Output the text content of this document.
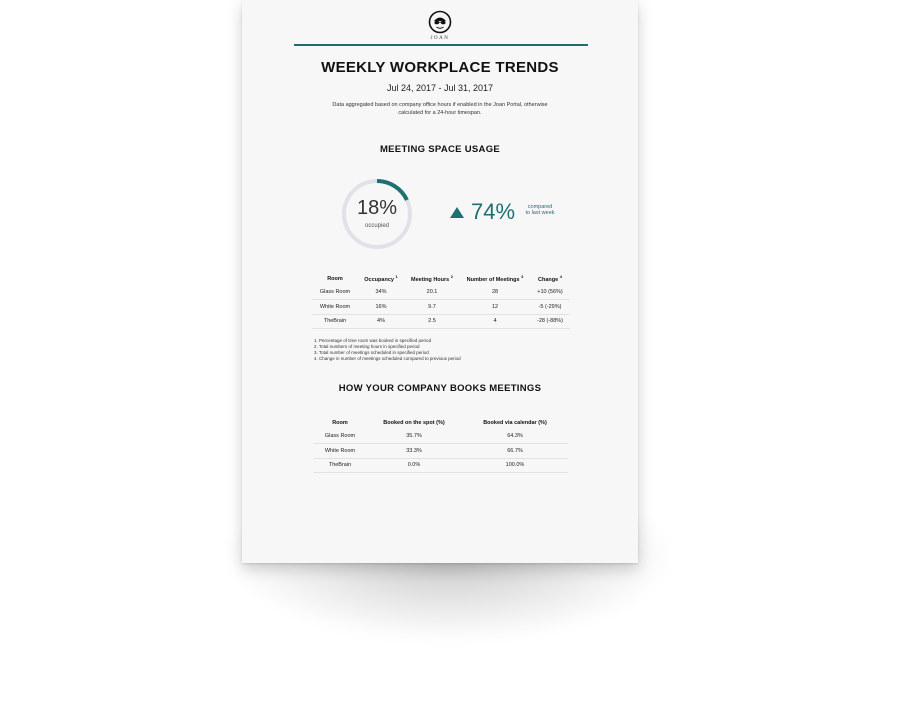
JOAN
WEEKLY WORKPLACE TRENDS
Jul 24, 2017 - Jul 31, 2017
Data aggregated based on company office hours if enabled in the Joan Portal, otherwise calculated for a 24-hour timespan.
MEETING SPACE USAGE
18%
occupied
74%	compared to last week
Room	Occupancy $^1$	Meeting Hours $^2$	Number of Meetings $^3$	Change $^4$
Glass Room	34%	20.1	28	+10 (56%)
White Room	16%	9.7	12	-5 (-29%)
TheBrain	4%	2.5	4	-28 (-88%)
1. Percentage of time room was booked in specified period
2. Total numbers of meeting hours in specified period
3. Total number of meetings scheduled in specified period
4. Change in number of meetings scheduled compared to previous period
HOW YOUR COMPANY BOOKS MEETINGS
Room	Booked on the spot (%)	Booked via calendar (%)
Glass Room	35.7%	64.3%
White Room	33.3%	66.7%
TheBrain	0.0%	100.0%
